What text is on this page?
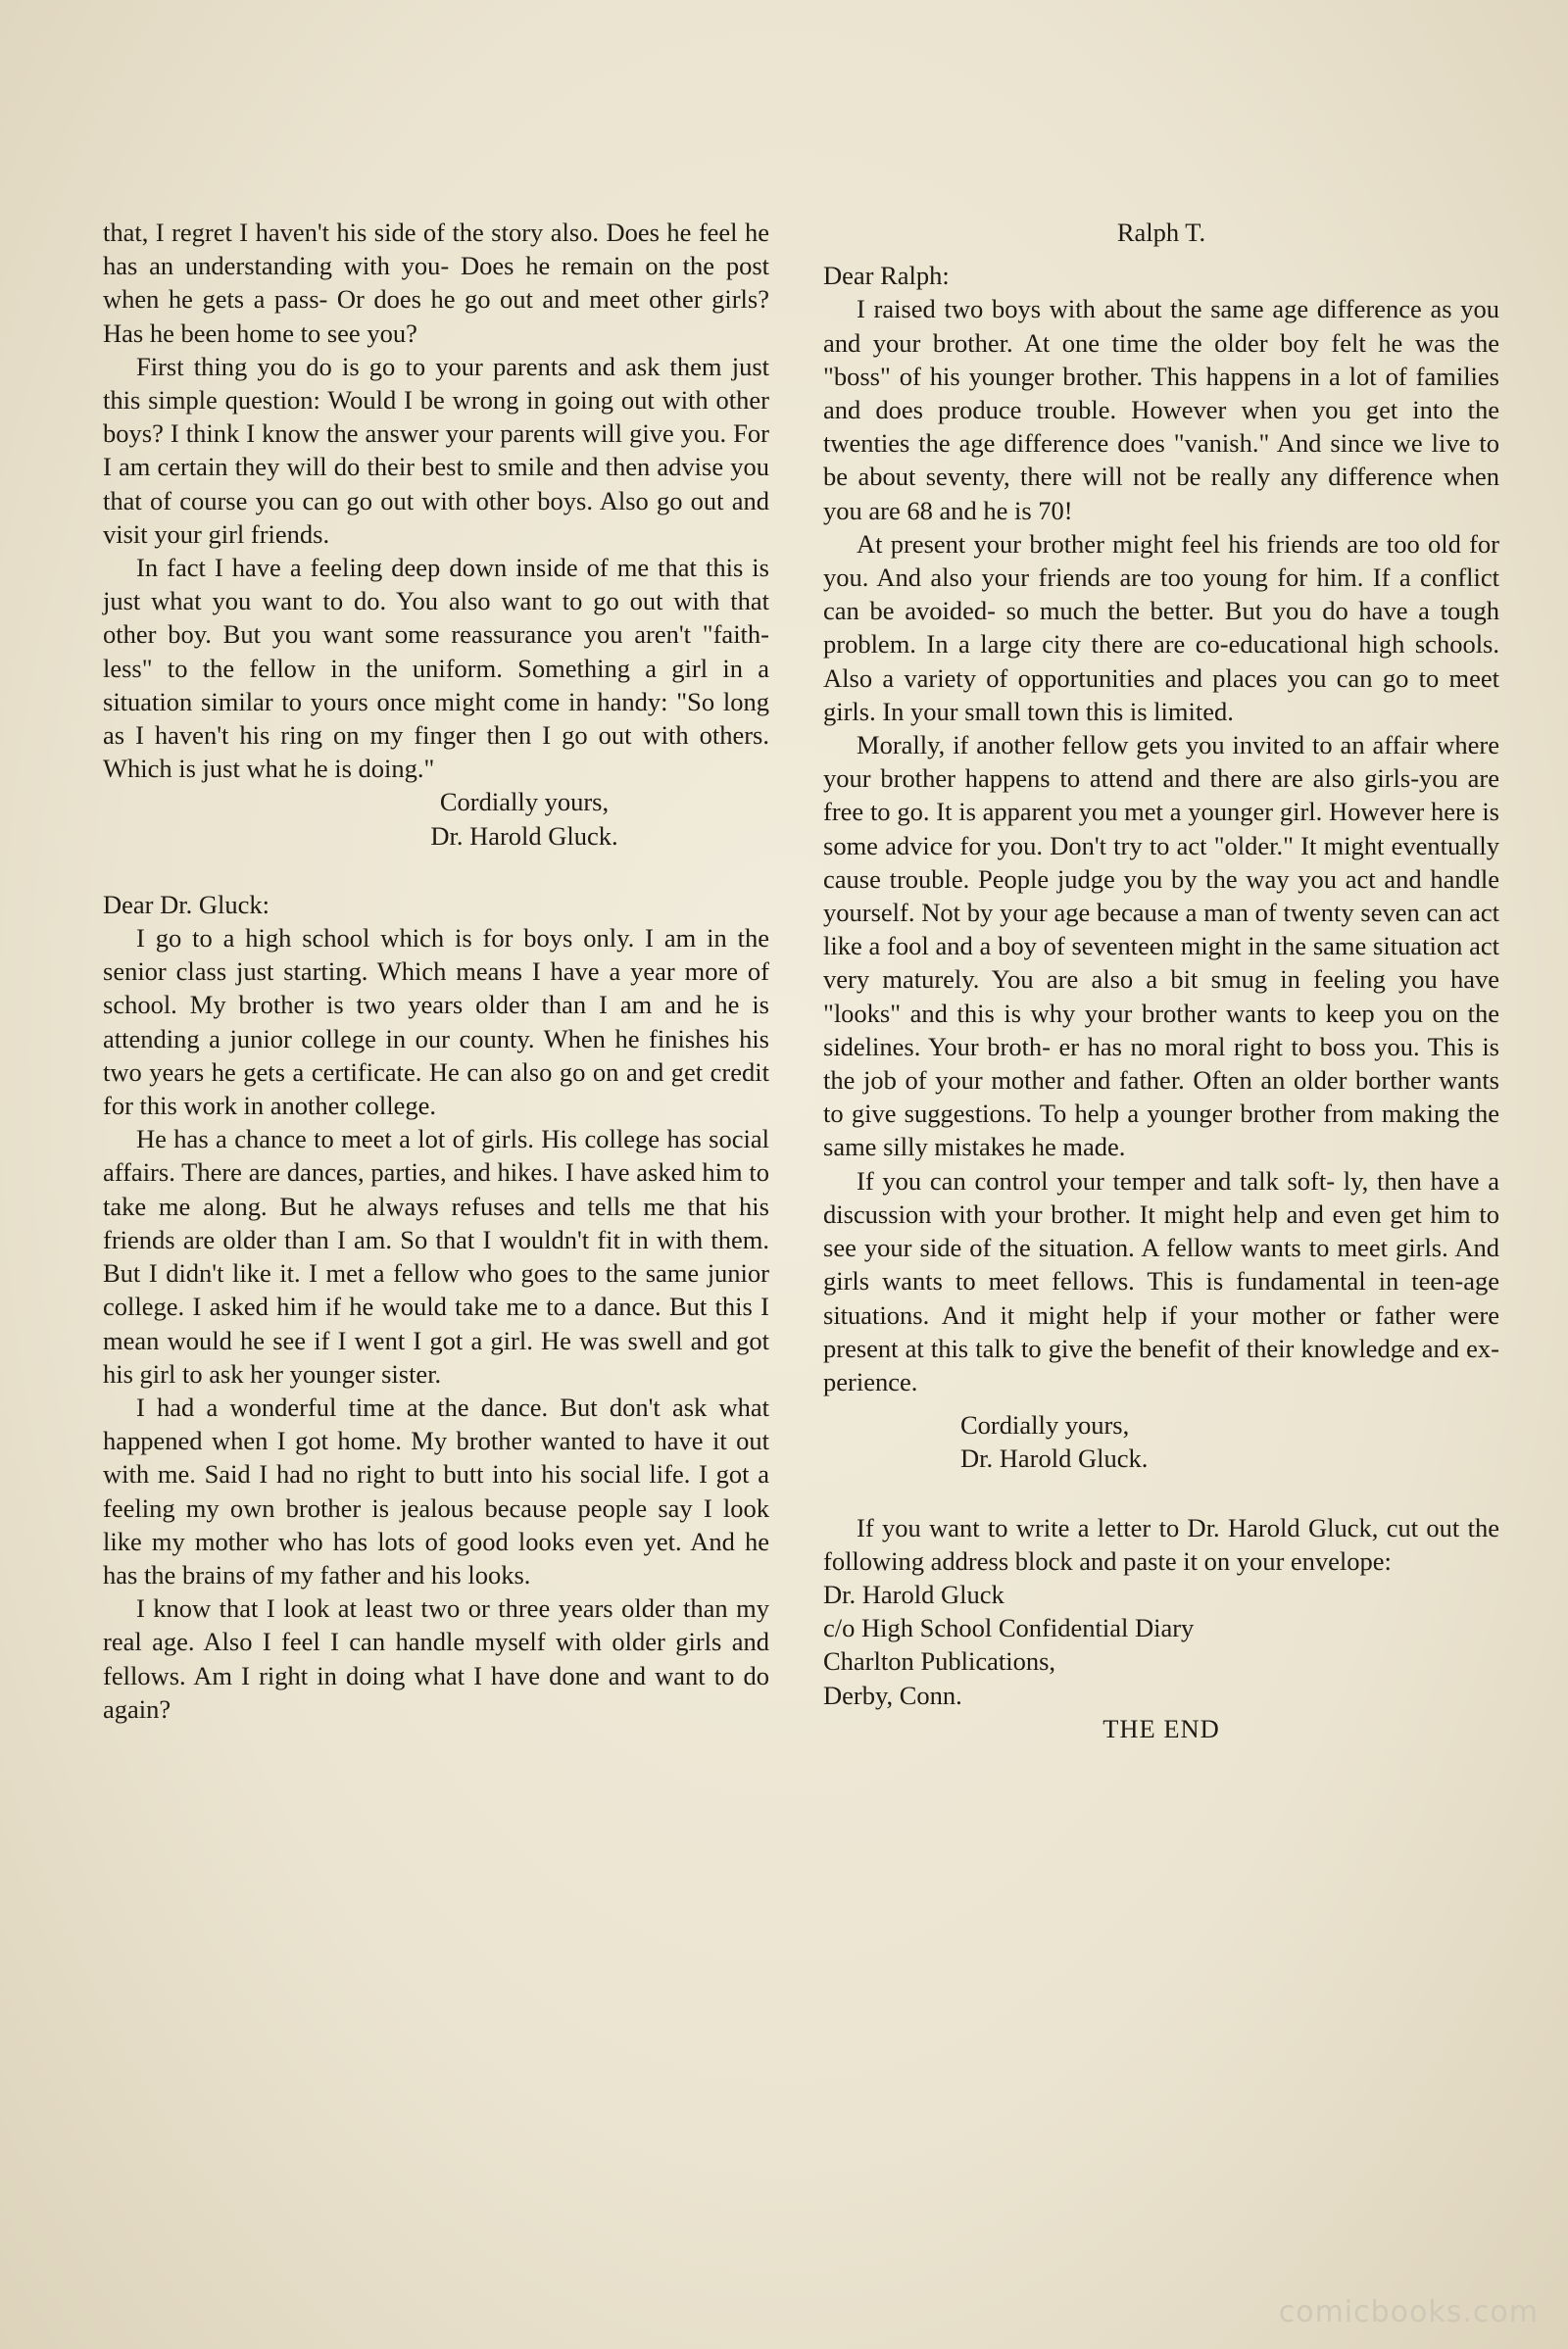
that, I regret I haven't his side of the story also. Does he feel he has an understanding with you- Does he remain on the post when he gets a pass- Or does he go out and meet other girls? Has he been home to see you?

First thing you do is go to your parents and ask them just this simple question: Would I be wrong in going out with other boys? I think I know the answer your parents will give you. For I am certain they will do their best to smile and then advise you that of course you can go out with other boys. Also go out and visit your girl friends.

In fact I have a feeling deep down inside of me that this is just what you want to do. You also want to go out with that other boy. But you want some reassurance you aren't "faith- less" to the fellow in the uniform. Something a girl in a situation similar to yours once might come in handy: "So long as I haven't his ring on my finger then I go out with others. Which is just what he is doing."

Cordially yours,

Dr. Harold Gluck.

Dear Dr. Gluck:

I go to a high school which is for boys only. I am in the senior class just starting. Which means I have a year more of school. My brother is two years older than I am and he is attending a junior college in our county. When he finishes his two years he gets a certificate. He can also go on and get credit for this work in another college.

He has a chance to meet a lot of girls. His college has social affairs. There are dances, parties, and hikes. I have asked him to take me along. But he always refuses and tells me that his friends are older than I am. So that I wouldn't fit in with them. But I didn't like it. I met a fellow who goes to the same junior college. I asked him if he would take me to a dance. But this I mean would he see if I went I got a girl. He was swell and got his girl to ask her younger sister.

I had a wonderful time at the dance. But don't ask what happened when I got home. My brother wanted to have it out with me. Said I had no right to butt into his social life. I got a feeling my own brother is jealous because people say I look like my mother who has lots of good looks even yet. And he has the brains of my father and his looks.

I know that I look at least two or three years older than my real age. Also I feel I can handle myself with older girls and fellows. Am I right in doing what I have done and want to do again?

Ralph T.

Dear Ralph:

I raised two boys with about the same age difference as you and your brother. At one time the older boy felt he was the "boss" of his younger brother. This happens in a lot of families and does produce trouble. However when you get into the twenties the age difference does "vanish." And since we live to be about seventy, there will not be really any difference when you are 68 and he is 70!

At present your brother might feel his friends are too old for you. And also your friends are too young for him. If a conflict can be avoided- so much the better. But you do have a tough problem. In a large city there are co-educational high schools. Also a variety of opportunities and places you can go to meet girls. In your small town this is limited.

Morally, if another fellow gets you invited to an affair where your brother happens to attend and there are also girls-you are free to go. It is apparent you met a younger girl. However here is some advice for you. Don't try to act "older." It might eventually cause trouble. People judge you by the way you act and handle yourself. Not by your age because a man of twenty seven can act like a fool and a boy of seventeen might in the same situation act very maturely. You are also a bit smug in feeling you have "looks" and this is why your brother wants to keep you on the sidelines. Your broth- er has no moral right to boss you. This is the job of your mother and father. Often an older borther wants to give suggestions. To help a younger brother from making the same silly mistakes he made.

If you can control your temper and talk soft- ly, then have a discussion with your brother. It might help and even get him to see your side of the situation. A fellow wants to meet girls. And girls wants to meet fellows. This is fundamental in teen-age situations. And it might help if your mother or father were present at this talk to give the benefit of their knowledge and ex- perience.

Cordially yours,

Dr. Harold Gluck.

If you want to write a letter to Dr. Harold Gluck, cut out the following address block and paste it on your envelope:

Dr. Harold Gluck

c/o High School Confidential Diary

Charlton Publications,

Derby, Conn.

THE END

comicbooks.com
